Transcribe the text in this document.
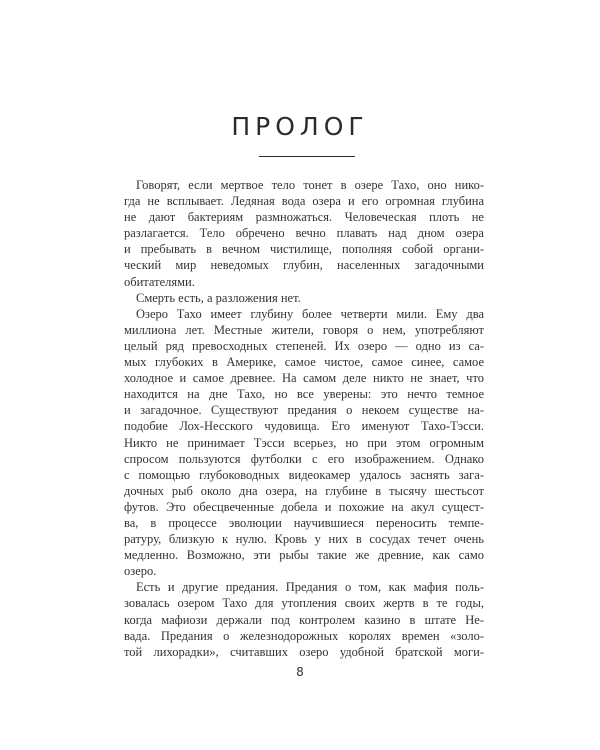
ПРОЛОГ
Говорят, если мертвое тело тонет в озере Тахо, оно нико-
гда не всплывает. Ледяная вода озера и его огромная глубина
не дают бактериям размножаться. Человеческая плоть не
разлагается. Тело обречено вечно плавать над дном озера
и пребывать в вечном чистилище, пополняя собой органи-
ческий мир неведомых глубин, населенных загадочными
обитателями.
Смерть есть, а разложения нет.
Озеро Тахо имеет глубину более четверти мили. Ему два
миллиона лет. Местные жители, говоря о нем, употребляют
целый ряд превосходных степеней. Их озеро — одно из са-
мых глубоких в Америке, самое чистое, самое синее, самое
холодное и самое древнее. На самом деле никто не знает, что
находится на дне Тахо, но все уверены: это нечто темное
и загадочное. Существуют предания о некоем существе на-
подобие Лох-Несского чудовища. Его именуют Тахо-Тэсси.
Никто не принимает Тэсси всерьез, но при этом огромным
спросом пользуются футболки с его изображением. Однако
с помощью глубоководных видеокамер удалось заснять зага-
дочных рыб около дна озера, на глубине в тысячу шестьсот
футов. Это обесцвеченные добела и похожие на акул сущест-
ва, в процессе эволюции научившиеся переносить темпе-
ратуру, близкую к нулю. Кровь у них в сосудах течет очень
медленно. Возможно, эти рыбы такие же древние, как само
озеро.
Есть и другие предания. Предания о том, как мафия поль-
зовалась озером Тахо для утопления своих жертв в те годы,
когда мафиози держали под контролем казино в штате Не-
вада. Предания о железнодорожных королях времен «золо-
той лихорадки», считавших озеро удобной братской моги-
8
